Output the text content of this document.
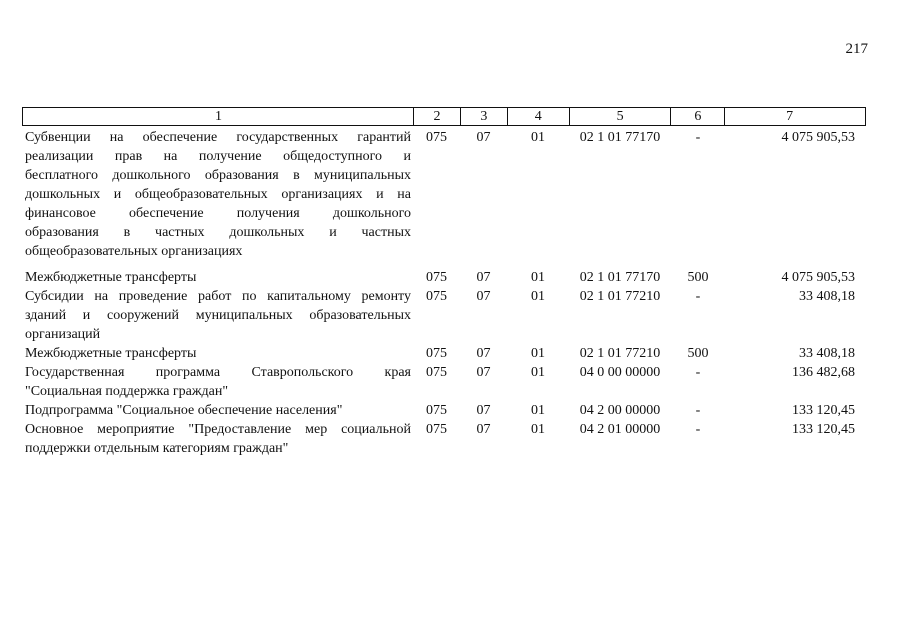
217
1	2	3	4	5	6	7
Субвенции на обеспечение государственных гарантий
реализации прав на получение общедоступного и
бесплатного дошкольного образования в муниципальных
дошкольных и общеобразовательных организациях и на
финансовое обеспечение получения дошкольного
образования в частных дошкольных и частных
общеобразовательных организациях
075	07	01	02 1 01 77170	-	4 075 905,53
Межбюджетные трансферты	075	07	01	02 1 01 77170	500	4 075 905,53
Субсидии на проведение работ по капитальному ремонту
зданий и сооружений муниципальных образовательных
организаций
075	07	01	02 1 01 77210	-	33 408,18
Межбюджетные трансферты	075	07	01	02 1 01 77210	500	33 408,18
Государственная программа Ставропольского края
"Социальная поддержка граждан"
075	07	01	04 0 00 00000	-	136 482,68
Подпрограмма "Социальное обеспечение населения"	075	07	01	04 2 00 00000	-	133 120,45
Основное мероприятие "Предоставление мер социальной
поддержки отдельным категориям граждан"
075	07	01	04 2 01 00000	-	133 120,45
